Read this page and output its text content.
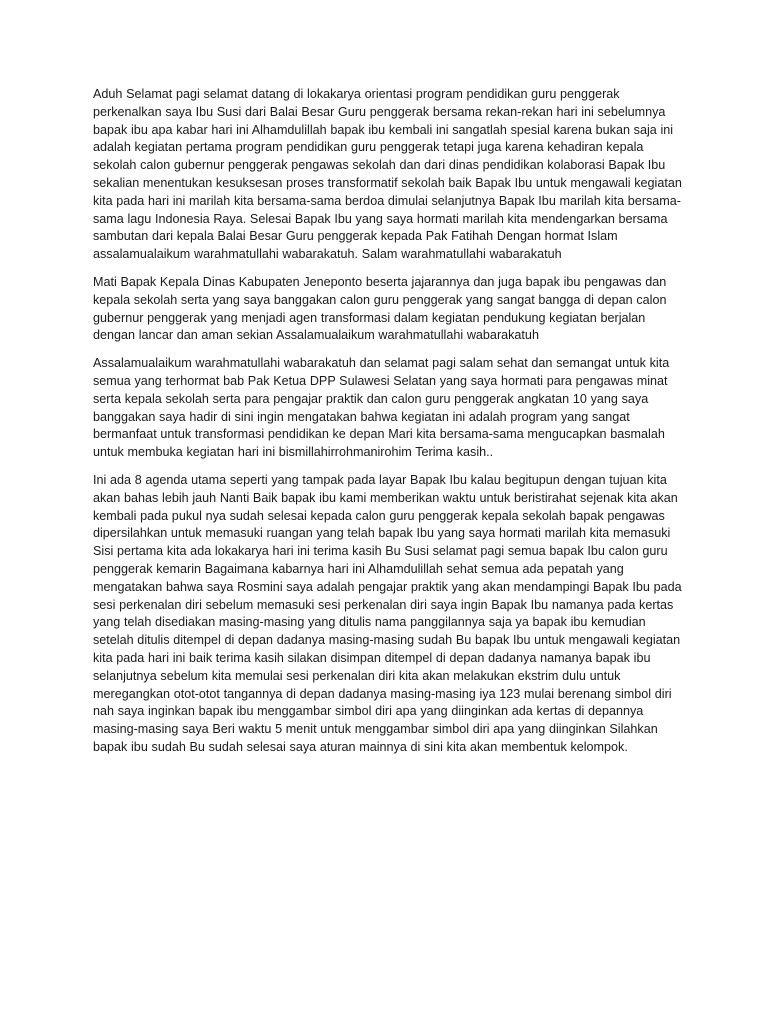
Aduh Selamat pagi selamat datang di lokakarya orientasi program pendidikan guru penggerak perkenalkan saya Ibu Susi dari Balai Besar Guru penggerak bersama rekan-rekan hari ini sebelumnya bapak ibu apa kabar hari ini Alhamdulillah bapak ibu kembali ini sangatlah spesial karena bukan saja ini adalah kegiatan pertama program pendidikan guru penggerak tetapi juga karena kehadiran kepala sekolah calon gubernur penggerak pengawas sekolah dan dari dinas pendidikan kolaborasi Bapak Ibu sekalian menentukan kesuksesan proses transformatif sekolah baik Bapak Ibu untuk mengawali kegiatan kita pada hari ini marilah kita bersama-sama berdoa dimulai selanjutnya Bapak Ibu marilah kita bersama-sama lagu Indonesia Raya. Selesai Bapak Ibu yang saya hormati marilah kita mendengarkan bersama sambutan dari kepala Balai Besar Guru penggerak kepada Pak Fatihah Dengan hormat Islam assalamualaikum warahmatullahi wabarakatuh. Salam warahmatullahi wabarakatuh

Mati Bapak Kepala Dinas Kabupaten Jeneponto beserta jajarannya dan juga bapak ibu pengawas dan kepala sekolah serta yang saya banggakan calon guru penggerak yang sangat bangga di depan calon gubernur penggerak yang menjadi agen transformasi dalam kegiatan pendukung kegiatan berjalan dengan lancar dan aman sekian Assalamualaikum warahmatullahi wabarakatuh

Assalamualaikum warahmatullahi wabarakatuh dan selamat pagi salam sehat dan semangat untuk kita semua yang terhormat bab Pak Ketua DPP Sulawesi Selatan yang saya hormati para pengawas minat serta kepala sekolah serta para pengajar praktik dan calon guru penggerak angkatan 10 yang saya banggakan saya hadir di sini ingin mengatakan bahwa kegiatan ini adalah program yang sangat bermanfaat untuk transformasi pendidikan ke depan Mari kita bersama-sama mengucapkan basmalah untuk membuka kegiatan hari ini bismillahirrohmanirohim Terima kasih..

Ini ada 8 agenda utama seperti yang tampak pada layar Bapak Ibu kalau begitupun dengan tujuan kita akan bahas lebih jauh Nanti Baik bapak ibu kami memberikan waktu untuk beristirahat sejenak kita akan kembali pada pukul nya sudah selesai kepada calon guru penggerak kepala sekolah bapak pengawas dipersilahkan untuk memasuki ruangan yang telah bapak Ibu yang saya hormati marilah kita memasuki Sisi pertama kita ada lokakarya hari ini terima kasih Bu Susi selamat pagi semua bapak Ibu calon guru penggerak kemarin Bagaimana kabarnya hari ini Alhamdulillah sehat semua ada pepatah yang mengatakan bahwa saya Rosmini saya adalah pengajar praktik yang akan mendampingi Bapak Ibu pada sesi perkenalan diri sebelum memasuki sesi perkenalan diri saya ingin Bapak Ibu namanya pada kertas yang telah disediakan masing-masing yang ditulis nama panggilannya saja ya bapak ibu kemudian setelah ditulis ditempel di depan dadanya masing-masing sudah Bu bapak Ibu untuk mengawali kegiatan kita pada hari ini baik terima kasih silakan disimpan ditempel di depan dadanya namanya bapak ibu selanjutnya sebelum kita memulai sesi perkenalan diri kita akan melakukan ekstrim dulu untuk meregangkan otot-otot tangannya di depan dadanya masing-masing iya 123 mulai berenang simbol diri nah saya inginkan bapak ibu menggambar simbol diri apa yang diinginkan ada kertas di depannya masing-masing saya Beri waktu 5 menit untuk menggambar simbol diri apa yang diinginkan Silahkan bapak ibu sudah Bu sudah selesai saya aturan mainnya di sini kita akan membentuk kelompok.
